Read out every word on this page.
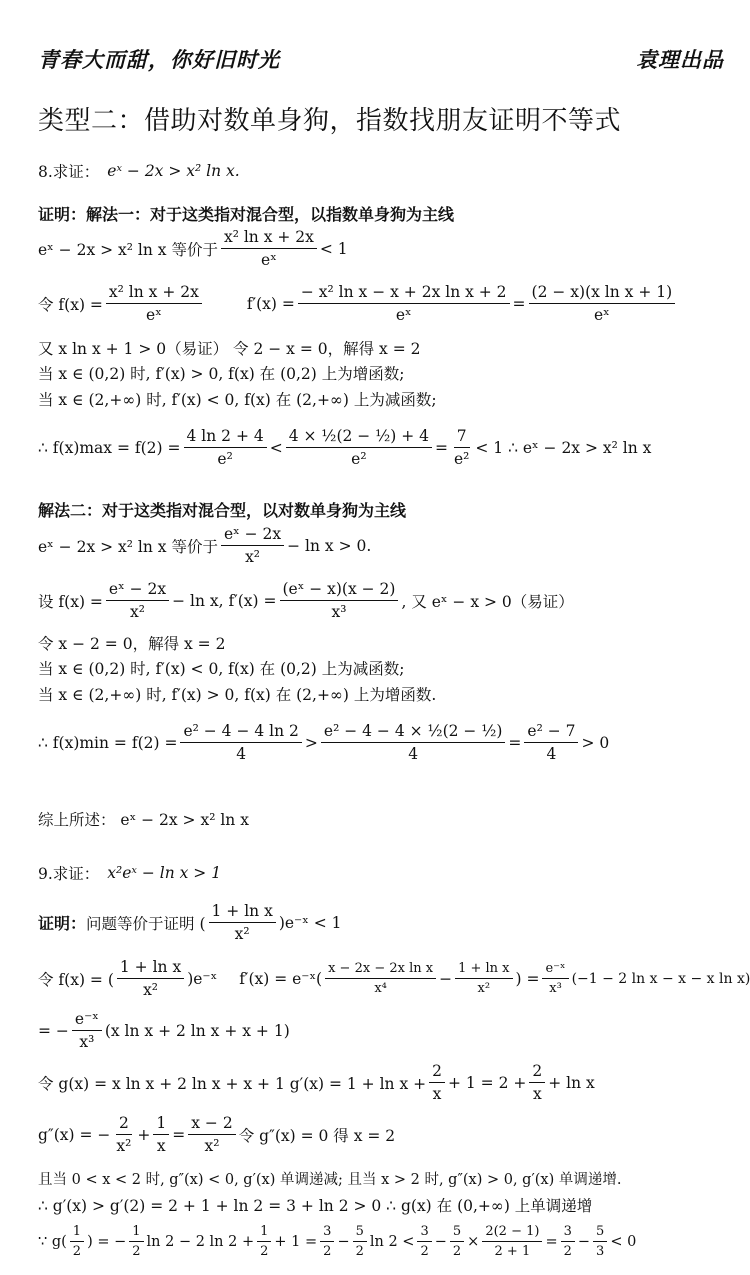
青春大而甜，你好旧时光	袁理出品
类型二：借助对数单身狗，指数找朋友证明不等式
8.求证： eˣ − 2x > x² ln x.
证明：解法一：对于这类指对混合型，以指数单身狗为主线
eˣ − 2x > x² ln x 等价于 $\frac{\text{x² ln x + 2x}}{\text{eˣ}} < 1$
令 $f(x) = \frac{\text{x² ln x + 2x}}{\text{eˣ}}$	$f'(x) = \frac{\text{− x² ln x − x + 2x ln x + 2}}{\text{eˣ}} = \frac{\text{(2 − x)(x ln x + 1)}}{\text{eˣ}}$
又 x ln x + 1 > 0（易证） 令 2 − x = 0，解得 x = 2
当 x ∈ (0,2) 时, f′(x) > 0, f(x) 在 (0,2) 上为增函数;
当 x ∈ (2,+∞) 时, f′(x) < 0, f(x) 在 (2,+∞) 上为减函数;
∴ $f(x)\max = f(2) = \frac{4 \ln 2 + 4}{\text{e²}} < \frac{\text{4 × ½(2 − ½) + 4}}{\text{e²}} = \frac{7}{\text{e²}} < 1$ ∴ eˣ − 2x > x² ln x
解法二：对于这类指对混合型，以对数单身狗为主线
eˣ − 2x > x² ln x 等价于 $\frac{\text{eˣ − 2x}}{\text{x²}} - \ln x > 0$.
设 $f(x) = \frac{\text{eˣ − 2x}}{\text{x²}} - \ln x$, $f'(x) = \frac{\text{(eˣ − x)(x − 2)}}{\text{x³}}$ , 又 eˣ − x > 0（易证）
令 x − 2 = 0，解得 x = 2
当 x ∈ (0,2) 时, f′(x) < 0, f(x) 在 (0,2) 上为减函数;
当 x ∈ (2,+∞) 时, f′(x) > 0, f(x) 在 (2,+∞) 上为增函数.
∴ $f(x)\min = f(2) = \frac{\text{e² − 4 − 4 ln 2}}{4} > \frac{\text{e² − 4 − 4 × ½(2 − ½)}}{4} = \frac{\text{e² − 7}}{4} > 0$
综上所述： eˣ − 2x > x² ln x
9.求证： x²eˣ − ln x > 1
证明： 问题等价于证明 ( $\frac{\text{1 + ln x}}{\text{x²}}$ )e⁻ˣ < 1
令 f(x) = ( $\frac{\text{1 + ln x}}{\text{x²}}$ )e⁻ˣ f′(x) = e⁻ˣ( $\frac{\text{x − 2x − 2x ln x}}{\text{x⁴}} - \frac{\text{1 + ln x}}{\text{x²}}$ ) = $\frac{\text{e⁻ˣ}}{\text{x³}} (-1 - 2$ ln x − x − x ln x)
= − $\frac{\text{e⁻ˣ}}{\text{x³}} (x$ ln x + 2 ln x + x + 1)
令 g(x) = x ln x + 2 ln x + x + 1 $g'(x) = 1 + \ln x + \frac{2}{x} + 1 = 2 + \frac{2}{x} + \ln x$
g″(x) = − $\frac{2}{\text{x²}} + \frac{1}{x} = \frac{x - 2}{\text{x²}}$ 令 g″(x) = 0 得 x = 2
且当 0 < x < 2 时, g″(x) < 0, g′(x) 单调递减; 且当 x > 2 时, g″(x) > 0, g′(x) 单调递增.
∴ g′(x) > g′(2) = 2 + 1 + ln 2 = 3 + ln 2 > 0 ∴ g(x) 在 (0,+∞) 上单调递增
∵ $g( \frac{1}{2}$ ) = − $\frac{1}{2}$ ln 2 − 2 $\ln 2 + \frac{1}{2} + 1 = \frac{3}{2} - \frac{5}{2}$ $\ln 2 < \frac{3}{2} - \frac{5}{2} \times \frac{2(2 - 1)}{2 + 1} = \frac{3}{2} - \frac{5}{3} < 0$
